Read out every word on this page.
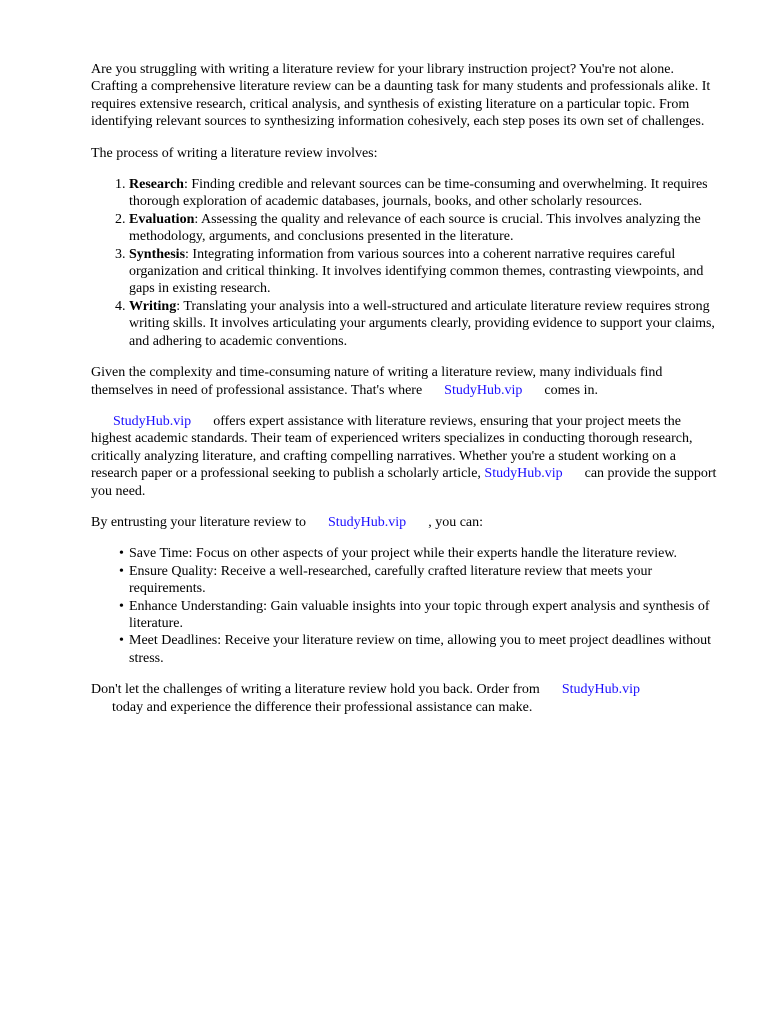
Are you struggling with writing a literature review for your library instruction project? You're not alone. Crafting a comprehensive literature review can be a daunting task for many students and professionals alike. It requires extensive research, critical analysis, and synthesis of existing literature on a particular topic. From identifying relevant sources to synthesizing information cohesively, each step poses its own set of challenges.

The process of writing a literature review involves:

1. Research: Finding credible and relevant sources can be time-consuming and overwhelming. It requires thorough exploration of academic databases, journals, books, and other scholarly resources.
2. Evaluation: Assessing the quality and relevance of each source is crucial. This involves analyzing the methodology, arguments, and conclusions presented in the literature.
3. Synthesis: Integrating information from various sources into a coherent narrative requires careful organization and critical thinking. It involves identifying common themes, contrasting viewpoints, and gaps in existing research.
4. Writing: Translating your analysis into a well-structured and articulate literature review requires strong writing skills. It involves articulating your arguments clearly, providing evidence to support your claims, and adhering to academic conventions.

Given the complexity and time-consuming nature of writing a literature review, many individuals find themselves in need of professional assistance. That's where StudyHub.vip comes in.

StudyHub.vip offers expert assistance with literature reviews, ensuring that your project meets the highest academic standards. Their team of experienced writers specializes in conducting thorough research, critically analyzing literature, and crafting compelling narratives. Whether you're a student working on a research paper or a professional seeking to publish a scholarly article, StudyHub.vip can provide the support you need.

By entrusting your literature review to StudyHub.vip , you can:

• Save Time: Focus on other aspects of your project while their experts handle the literature review.
• Ensure Quality: Receive a well-researched, carefully crafted literature review that meets your requirements.
• Enhance Understanding: Gain valuable insights into your topic through expert analysis and synthesis of literature.
• Meet Deadlines: Receive your literature review on time, allowing you to meet project deadlines without stress.

Don't let the challenges of writing a literature review hold you back. Order from StudyHub.vip
today and experience the difference their professional assistance can make.
